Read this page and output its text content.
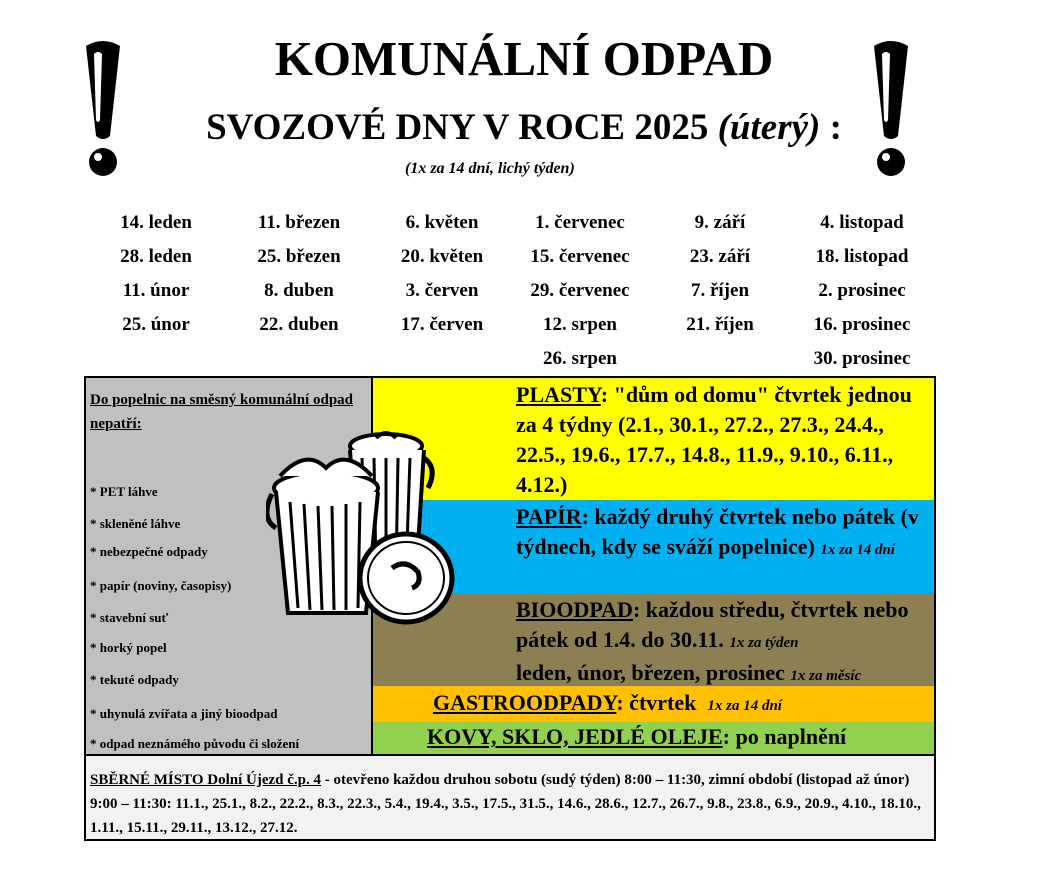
KOMUNÁLNÍ ODPAD
SVOZOVÉ DNY V ROCE 2025 (úterý) :
(1x za 14 dní, lichý týden)
14. leden
28. leden
11. únor
25. únor
11. březen
25. březen
8. duben
22. duben
6. květen
20. květen
3. červen
17. červen
1. červenec
15. červenec
29. červenec
12. srpen
26. srpen
9. září
23. září
7. říjen
21. říjen
4. listopad
18. listopad
2. prosinec
16. prosinec
30. prosinec
Do popelnic na směsný komunální odpad nepatří:
* PET láhve
* skleněné láhve
* nebezpečné odpady
* papír (noviny, časopisy)
* stavební suť
* horký popel
* tekuté odpady
* uhynulá zvířata a jiný bioodpad
* odpad neznámého původu či složení
PLASTY: "dům od domu" čtvrtek jednou za 4 týdny (2.1., 30.1., 27.2., 27.3., 24.4., 22.5., 19.6., 17.7., 14.8., 11.9., 9.10., 6.11., 4.12.)
PAPÍR: každý druhý čtvrtek nebo pátek (v týdnech, kdy se sváží popelnice) 1x za 14 dní
BIOODPAD: každou středu, čtvrtek nebo pátek od 1.4. do 30.11. 1x za týden
leden, únor, březen, prosinec 1x za měsíc
GASTROODPADY: čtvrtek 1x za 14 dní
KOVY, SKLO, JEDLÉ OLEJE: po naplnění
SBĚRNÉ MÍSTO Dolní Újezd č.p. 4 - otevřeno každou druhou sobotu (sudý týden) 8:00 – 11:30, zimní období (listopad až únor) 9:00 – 11:30: 11.1., 25.1., 8.2., 22.2., 8.3., 22.3., 5.4., 19.4., 3.5., 17.5., 31.5., 14.6., 28.6., 12.7., 26.7., 9.8., 23.8., 6.9., 20.9., 4.10., 18.10., 1.11., 15.11., 29.11., 13.12., 27.12.
